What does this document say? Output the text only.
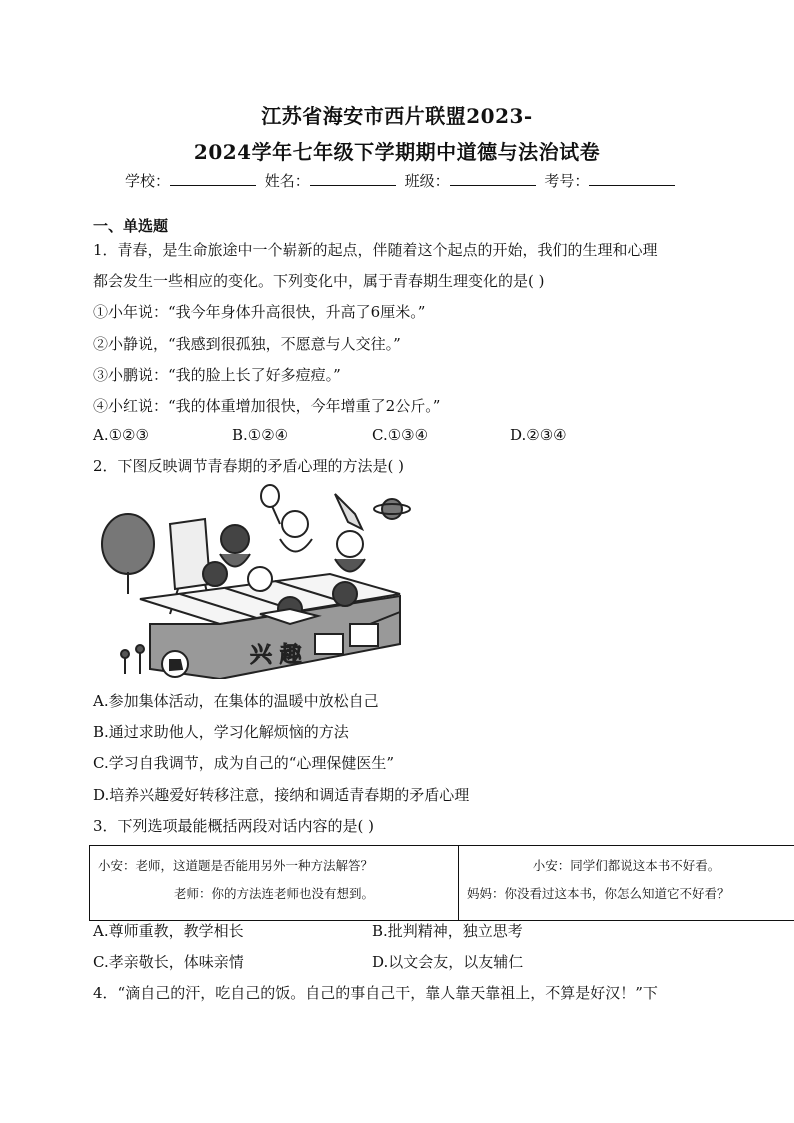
江苏省海安市西片联盟2023-
2024学年七年级下学期期中道德与法治试卷
学校：	姓名：	班级：	考号：
一、单选题
1．青春，是生命旅途中一个崭新的起点，伴随着这个起点的开始，我们的生理和心理
都会发生一些相应的变化。下列变化中，属于青春期生理变化的是( )
①小年说：“我今年身体升高很快，升高了6厘米。”
②小静说，“我感到很孤独，不愿意与人交往。”
③小鹏说：“我的脸上长了好多痘痘。”
④小红说：“我的体重增加很快，今年增重了2公斤。”
A.①②③	B.①②④	C.①③④	D.②③④
2．下图反映调节青春期的矛盾心理的方法是( )
兴 趣
A.参加集体活动，在集体的温暖中放松自己
B.通过求助他人，学习化解烦恼的方法
C.学习自我调节，成为自己的“心理保健医生”
D.培养兴趣爱好转移注意，接纳和调适青春期的矛盾心理
3．下列选项最能概括两段对话内容的是( )
小安：老师，这道题是否能用另外一种方法解答？
老师：你的方法连老师也没有想到。

小安：同学们都说这本书不好看。
妈妈：你没看过这本书，你怎么知道它不好看？
A.尊师重教，教学相长	B.批判精神，独立思考
C.孝亲敬长，体味亲情	D.以文会友，以友辅仁
4．“滴自己的汗，吃自己的饭。自己的事自己干，靠人靠天靠祖上，不算是好汉！”下
